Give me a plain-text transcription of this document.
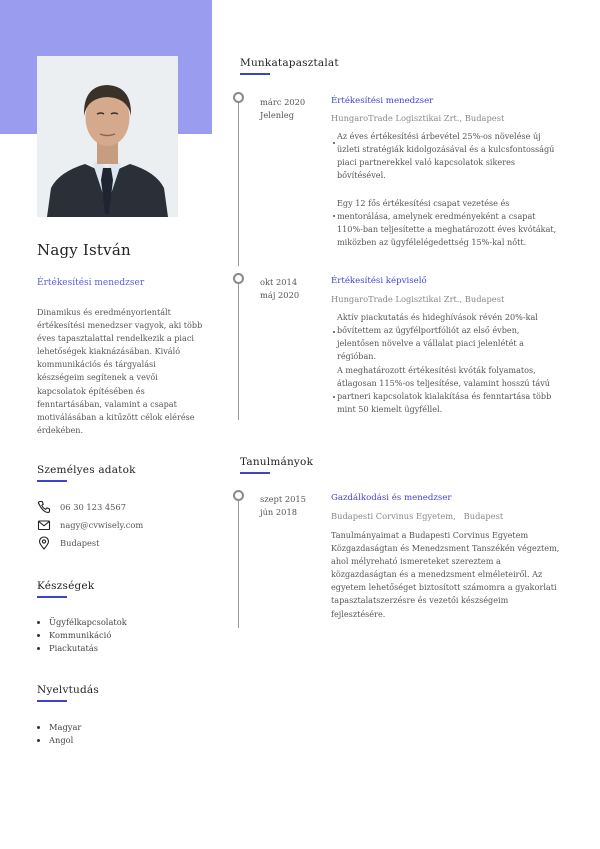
Nagy István
Értékesítési menedzser
Dinamikus és eredményorientált értékesítési menedzser vagyok, aki több éves tapasztalattal rendelkezik a piaci lehetőségek kiaknázásában. Kiváló kommunikációs és tárgyalási készségeim segítenek a vevői kapcsolatok építésében és fenntartásában, valamint a csapat motiválásában a kitűzött célok elérése érdekében.
Személyes adatok
06 30 123 4567
nagy@cvwisely.com
Budapest
Készségek
Ügyfélkapcsolatok
Kommunikáció
Piackutatás
Nyelvtudás
Magyar
Angol
Munkatapasztalat
márc 2020
Jelenleg
Értékesítési menedzser
HungaroTrade Logisztikai Zrt., Budapest
Az éves értékesítési árbevétel 25%-os növelése új üzleti stratégiák kidolgozásával és a kulcsfontosságú piaci partnerekkel való kapcsolatok sikeres bővítésével.
Egy 12 fős értékesítési csapat vezetése és mentorálása, amelynek eredményeként a csapat 110%-ban teljesítette a meghatározott éves kvótákat, miközben az ügyfélelégedettség 15%-kal nőtt.
okt 2014
máj 2020
Értékesítési képviselő
HungaroTrade Logisztikai Zrt., Budapest
Aktív piackutatás és hideghívások révén 20%-kal bővítettem az ügyfélportfóliót az első évben, jelentősen növelve a vállalat piaci jelenlétét a régióban.
A meghatározott értékesítési kvóták folyamatos, átlagosan 115%-os teljesítése, valamint hosszú távú partneri kapcsolatok kialakítása és fenntartása több mint 50 kiemelt ügyféllel.
Tanulmányok
szept 2015
jún 2018
Gazdálkodási és menedzser
Budapesti Corvinus Egyetem,   Budapest
Tanulmányaimat a Budapesti Corvinus Egyetem Közgazdaságtan és Menedzsment Tanszékén végeztem, ahol mélyreható ismereteket szereztem a közgazdaságtan és a menedzsment elméleteiről. Az egyetem lehetőséget biztosított számomra a gyakorlati tapasztalatszerzésre és vezetői készségeim fejlesztésére.
